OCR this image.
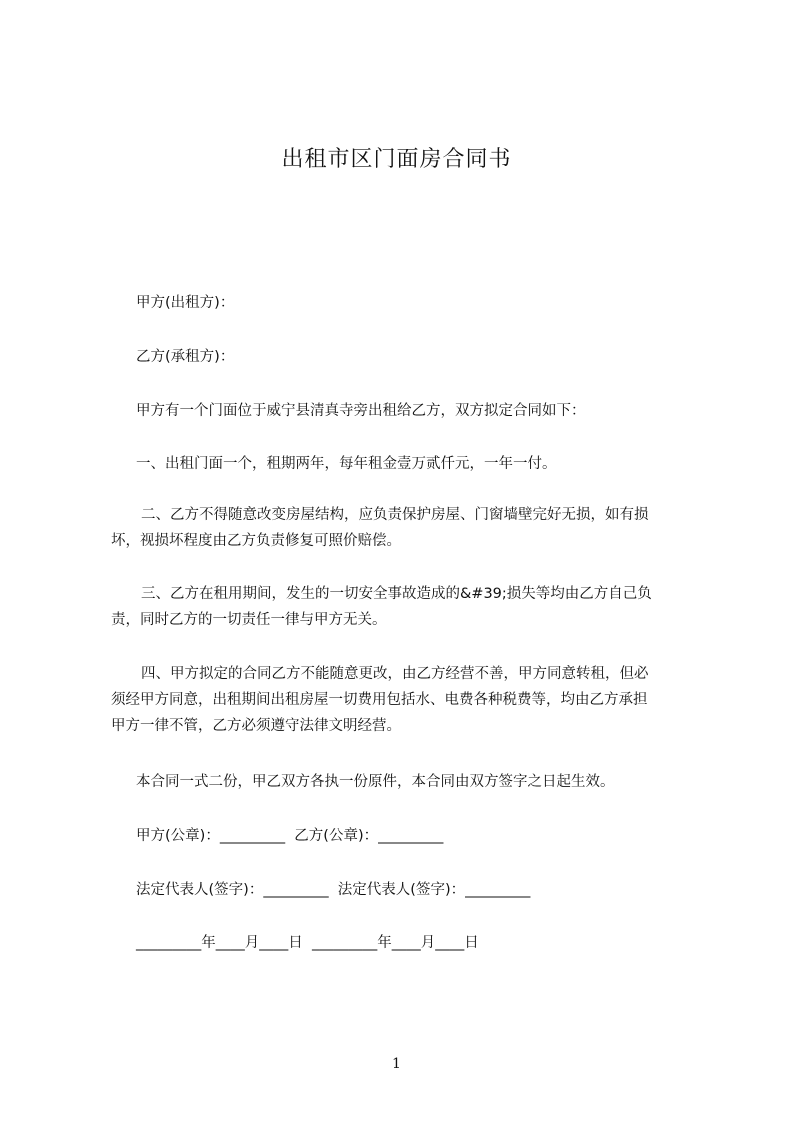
出租市区门面房合同书
甲方(出租方)：
乙方(承租方)：
甲方有一个门面位于威宁县清真寺旁出租给乙方，双方拟定合同如下：
一、出租门面一个，租期两年，每年租金壹万贰仟元，一年一付。
二、乙方不得随意改变房屋结构，应负责保护房屋、门窗墙壁完好无损，如有损
坏，视损坏程度由乙方负责修复可照价赔偿。
三、乙方在租用期间，发生的一切安全事故造成的&#39;损失等均由乙方自己负
责，同时乙方的一切责任一律与甲方无关。
四、甲方拟定的合同乙方不能随意更改，由乙方经营不善，甲方同意转租，但必
须经甲方同意，出租期间出租房屋一切费用包括水、电费各种税费等，均由乙方承担
甲方一律不管，乙方必须遵守法律文明经营。
本合同一式二份，甲乙双方各执一份原件，本合同由双方签字之日起生效。
甲方(公章)：_________  乙方(公章)：_________
法定代表人(签字)：_________  法定代表人(签字)：_________
_________年____月____日  _________年____月____日
1
